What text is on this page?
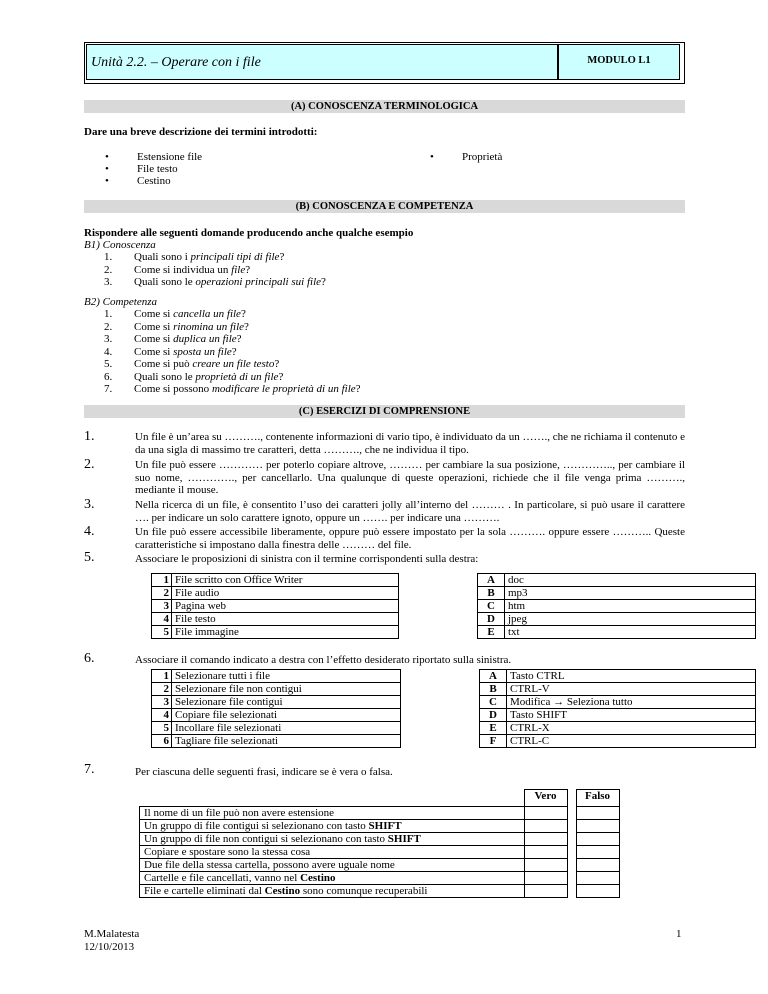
Unità 2.2. – Operare con i file	MODULO L1
(A) CONOSCENZA TERMINOLOGICA
Dare una breve descrizione dei termini introdotti:
• Estensione file
• File testo
• Cestino
• Proprietà
(B) CONOSCENZA E COMPETENZA
Rispondere alle seguenti domande producendo anche qualche esempio
B1) Conoscenza
1. Quali sono i principali tipi di file?
2. Come si individua un file?
3. Quali sono le operazioni principali sui file?
B2) Competenza
1. Come si cancella un file?
2. Come si rinomina un file?
3. Come si duplica un file?
4. Come si sposta un file?
5. Come si può creare un file testo?
6. Quali sono le proprietà di un file?
7. Come si possono modificare le proprietà di un file?
(C) ESERCIZI DI COMPRENSIONE
1.	Un file è un’area su ………., contenente informazioni di vario tipo, è individuato da un ……., che ne richiama il contenuto e da una sigla di massimo tre caratteri, detta ………., che ne individua il tipo.
2.	Un file può essere ………… per poterlo copiare altrove, ……… per cambiare la sua posizione, ………….., per cambiare il suo nome, …………., per cancellarlo. Una qualunque di queste operazioni, richiede che il file venga prima ………., mediante il mouse.
3.	Nella ricerca di un file, è consentito l’uso dei caratteri jolly all’interno del ……… . In particolare, si può usare il carattere …. per indicare un solo carattere ignoto, oppure un ……. per indicare una ……….
4.	Un file può essere accessibile liberamente, oppure può essere impostato per la sola ………. oppure essere ……….. Queste caratteristiche si impostano dalla finestra delle ……… del file.
5.	Associare le proposizioni di sinistra con il termine corrispondenti sulla destra:
1	File scritto con Office Writer		A	doc
2	File audio		B	mp3
3	Pagina web		C	htm
4	File testo		D	jpeg
5	File immagine		E	txt
6.	Associare il comando indicato a destra con l’effetto desiderato riportato sulla sinistra.
1	Selezionare tutti i file		A	Tasto CTRL
2	Selezionare file non contigui		B	CTRL-V
3	Selezionare file contigui		C	Modifica → Seleziona tutto
4	Copiare file selezionati		D	Tasto SHIFT
5	Incollare file selezionati		E	CTRL-X
6	Tagliare file selezionati		F	CTRL-C
7.	Per ciascuna delle seguenti frasi, indicare se è vera o falsa.
	Vero		Falso
Il nome di un file può non avere estensione			
Un gruppo di file contigui si selezionano con tasto SHIFT			
Un gruppo di file non contigui si selezionano con tasto SHIFT			
Copiare e spostare sono la stessa cosa			
Due file della stessa cartella, possono avere uguale nome			
Cartelle e file cancellati, vanno nel Cestino			
File e cartelle eliminati dal Cestino sono comunque recuperabili			
M.Malatesta
12/10/2013
1
